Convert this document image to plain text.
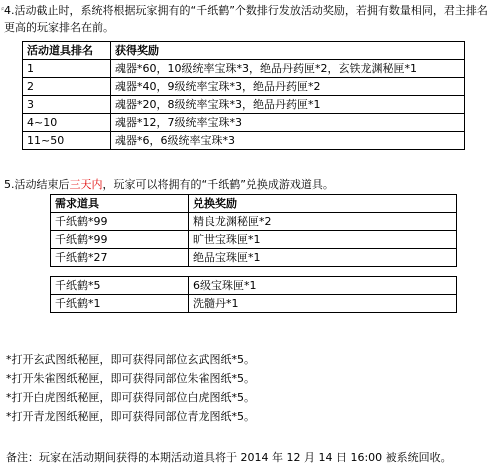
⸗ 4.活动截止时，系统将根据玩家拥有的“千纸鹤”个数排行发放活动奖励，若拥有数量相同，君主排名更高的玩家排名在前。
活动道具排名	获得奖励
1	魂器*60，10级统率宝珠*3，绝品丹药匣*2，玄铁龙渊秘匣*1
2	魂器*40，9级统率宝珠*3，绝品丹药匣*2
3	魂器*20，8级统率宝珠*3，绝品丹药匣*1
4~10	魂器*12，7级统率宝珠*3
11~50	魂器*6，6级统率宝珠*3
5.活动结束后三天内，玩家可以将拥有的“千纸鹤”兑换成游戏道具。
需求道具	兑换奖励
千纸鹤*99	精良龙渊秘匣*2
千纸鹤*99	旷世宝珠匣*1
千纸鹤*27	绝品宝珠匣*1
千纸鹤*5	6级宝珠匣*1
千纸鹤*1	洗髓丹*1
*打开玄武图纸秘匣，即可获得同部位玄武图纸*5。
*打开朱雀图纸秘匣，即可获得同部位朱雀图纸*5。
*打开白虎图纸秘匣，即可获得同部位白虎图纸*5。
*打开青龙图纸秘匣，即可获得同部位青龙图纸*5。
备注：玩家在活动期间获得的本期活动道具将于 2014 年 12 月 14 日 16:00 被系统回收。
